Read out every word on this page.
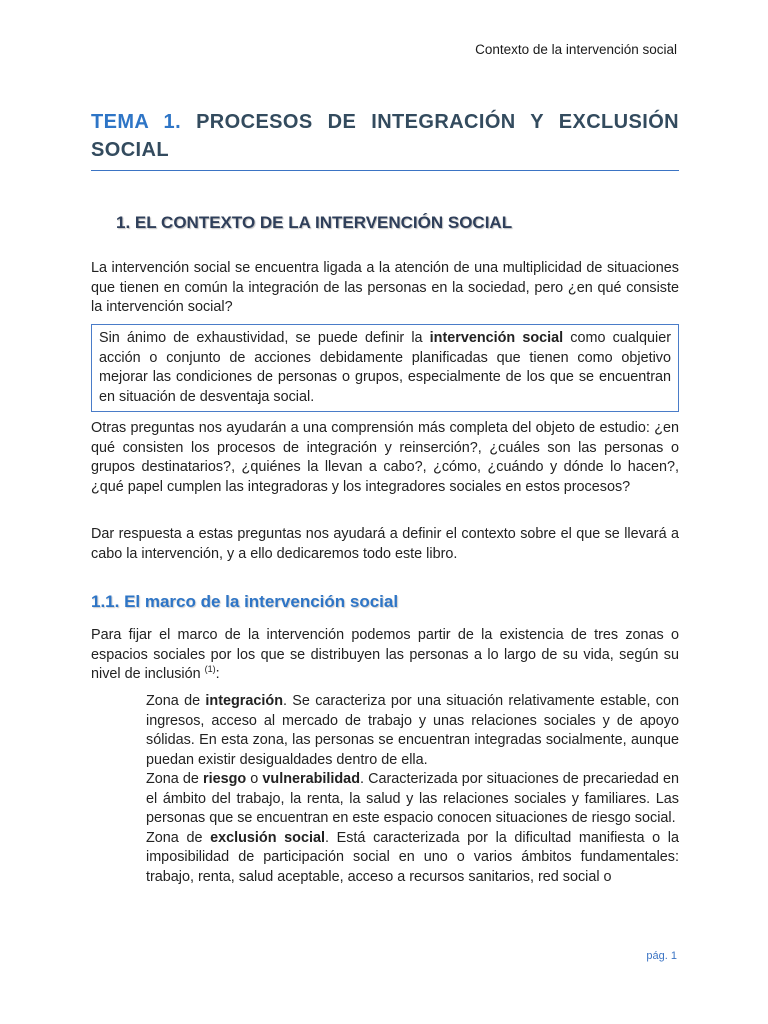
Contexto de la intervención social
TEMA 1. PROCESOS DE INTEGRACIÓN Y EXCLUSIÓN SOCIAL
1. EL CONTEXTO DE LA INTERVENCIÓN SOCIAL
La intervención social se encuentra ligada a la atención de una multiplicidad de situaciones que tienen en común la integración de las personas en la sociedad, pero ¿en qué consiste la intervención social?
Sin ánimo de exhaustividad, se puede definir la intervención social como cualquier acción o conjunto de acciones debidamente planificadas que tienen como objetivo mejorar las condiciones de personas o grupos, especialmente de los que se encuentran en situación de desventaja social.
Otras preguntas nos ayudarán a una comprensión más completa del objeto de estudio: ¿en qué consisten los procesos de integración y reinserción?, ¿cuáles son las personas o grupos destinatarios?, ¿quiénes la llevan a cabo?, ¿cómo, ¿cuándo y dónde lo hacen?, ¿qué papel cumplen las integradoras y los integradores sociales en estos procesos?
Dar respuesta a estas preguntas nos ayudará a definir el contexto sobre el que se llevará a cabo la intervención, y a ello dedicaremos todo este libro.
1.1. El marco de la intervención social
Para fijar el marco de la intervención podemos partir de la existencia de tres zonas o espacios sociales por los que se distribuyen las personas a lo largo de su vida, según su nivel de inclusión $^{(1)}$:

Zona de integración. Se caracteriza por una situación relativamente estable, con ingresos, acceso al mercado de trabajo y unas relaciones sociales y de apoyo sólidas. En esta zona, las personas se encuentran integradas socialmente, aunque puedan existir desigualdades dentro de ella.

Zona de riesgo o vulnerabilidad. Caracterizada por situaciones de precariedad en el ámbito del trabajo, la renta, la salud y las relaciones sociales y familiares. Las personas que se encuentran en este espacio conocen situaciones de riesgo social.

Zona de exclusión social. Está caracterizada por la dificultad manifiesta o la imposibilidad de participación social en uno o varios ámbitos fundamentales: trabajo, renta, salud aceptable, acceso a recursos sanitarios, red social o

pág. 1
